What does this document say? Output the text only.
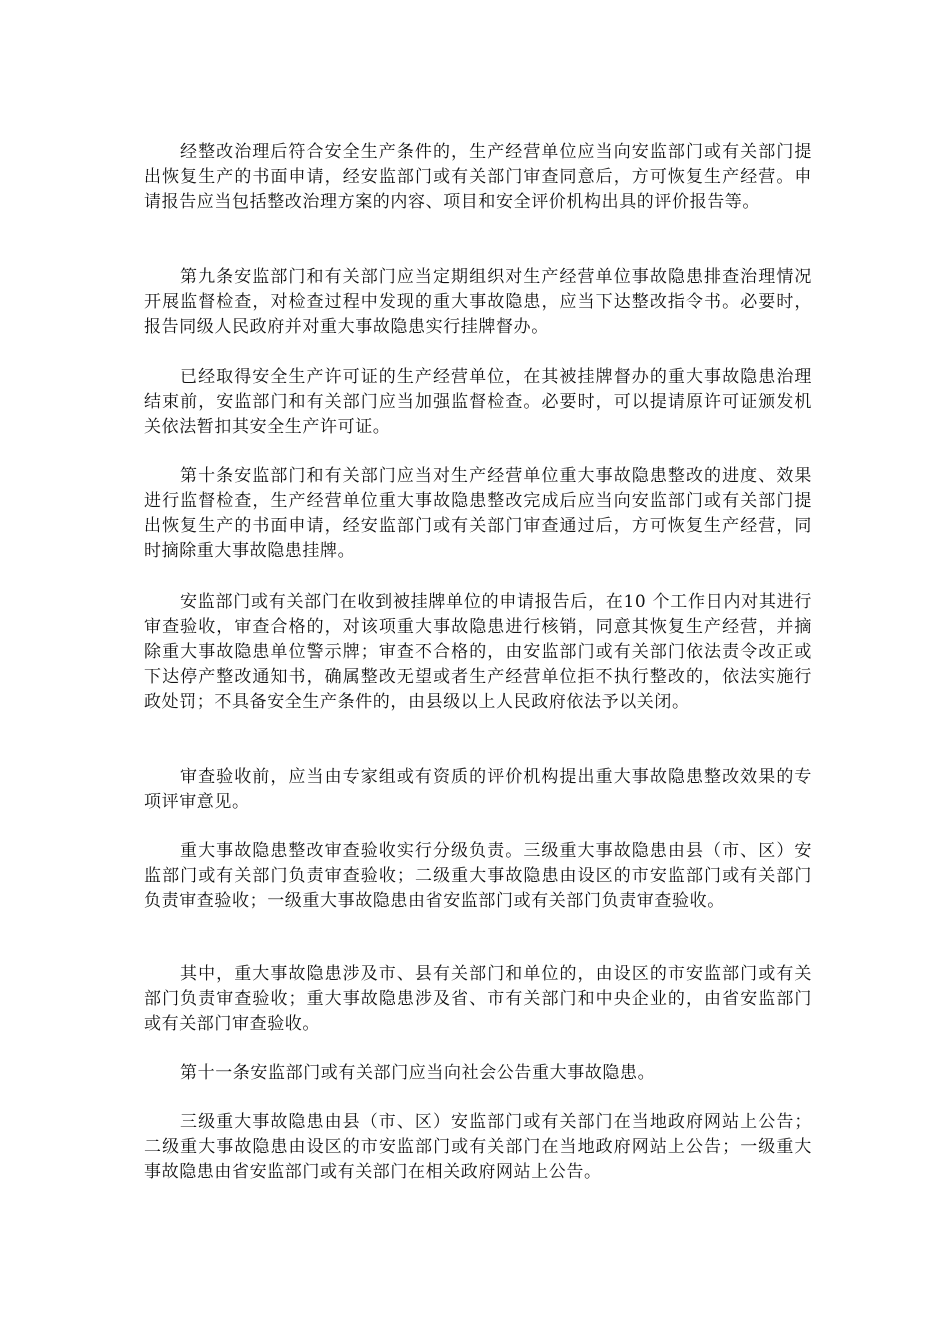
经整改治理后符合安全生产条件的，生产经营单位应当向安监部门或有关部门提出恢复生产的书面申请，经安监部门或有关部门审查同意后，方可恢复生产经营。申请报告应当包括整改治理方案的内容、项目和安全评价机构出具的评价报告等。

第九条安监部门和有关部门应当定期组织对生产经营单位事故隐患排查治理情况开展监督检查，对检查过程中发现的重大事故隐患，应当下达整改指令书。必要时，报告同级人民政府并对重大事故隐患实行挂牌督办。

已经取得安全生产许可证的生产经营单位，在其被挂牌督办的重大事故隐患治理结束前，安监部门和有关部门应当加强监督检查。必要时，可以提请原许可证颁发机关依法暂扣其安全生产许可证。

第十条安监部门和有关部门应当对生产经营单位重大事故隐患整改的进度、效果进行监督检查，生产经营单位重大事故隐患整改完成后应当向安监部门或有关部门提出恢复生产的书面申请，经安监部门或有关部门审查通过后，方可恢复生产经营，同时摘除重大事故隐患挂牌。

安监部门或有关部门在收到被挂牌单位的申请报告后，在10 个工作日内对其进行审查验收，审查合格的，对该项重大事故隐患进行核销，同意其恢复生产经营，并摘除重大事故隐患单位警示牌；审查不合格的，由安监部门或有关部门依法责令改正或下达停产整改通知书，确属整改无望或者生产经营单位拒不执行整改的，依法实施行政处罚；不具备安全生产条件的，由县级以上人民政府依法予以关闭。

审查验收前，应当由专家组或有资质的评价机构提出重大事故隐患整改效果的专项评审意见。

重大事故隐患整改审查验收实行分级负责。三级重大事故隐患由县（市、区）安监部门或有关部门负责审查验收；二级重大事故隐患由设区的市安监部门或有关部门负责审查验收；一级重大事故隐患由省安监部门或有关部门负责审查验收。

其中，重大事故隐患涉及市、县有关部门和单位的，由设区的市安监部门或有关部门负责审查验收；重大事故隐患涉及省、市有关部门和中央企业的，由省安监部门或有关部门审查验收。

第十一条安监部门或有关部门应当向社会公告重大事故隐患。

三级重大事故隐患由县（市、区）安监部门或有关部门在当地政府网站上公告；二级重大事故隐患由设区的市安监部门或有关部门在当地政府网站上公告；一级重大事故隐患由省安监部门或有关部门在相关政府网站上公告。
